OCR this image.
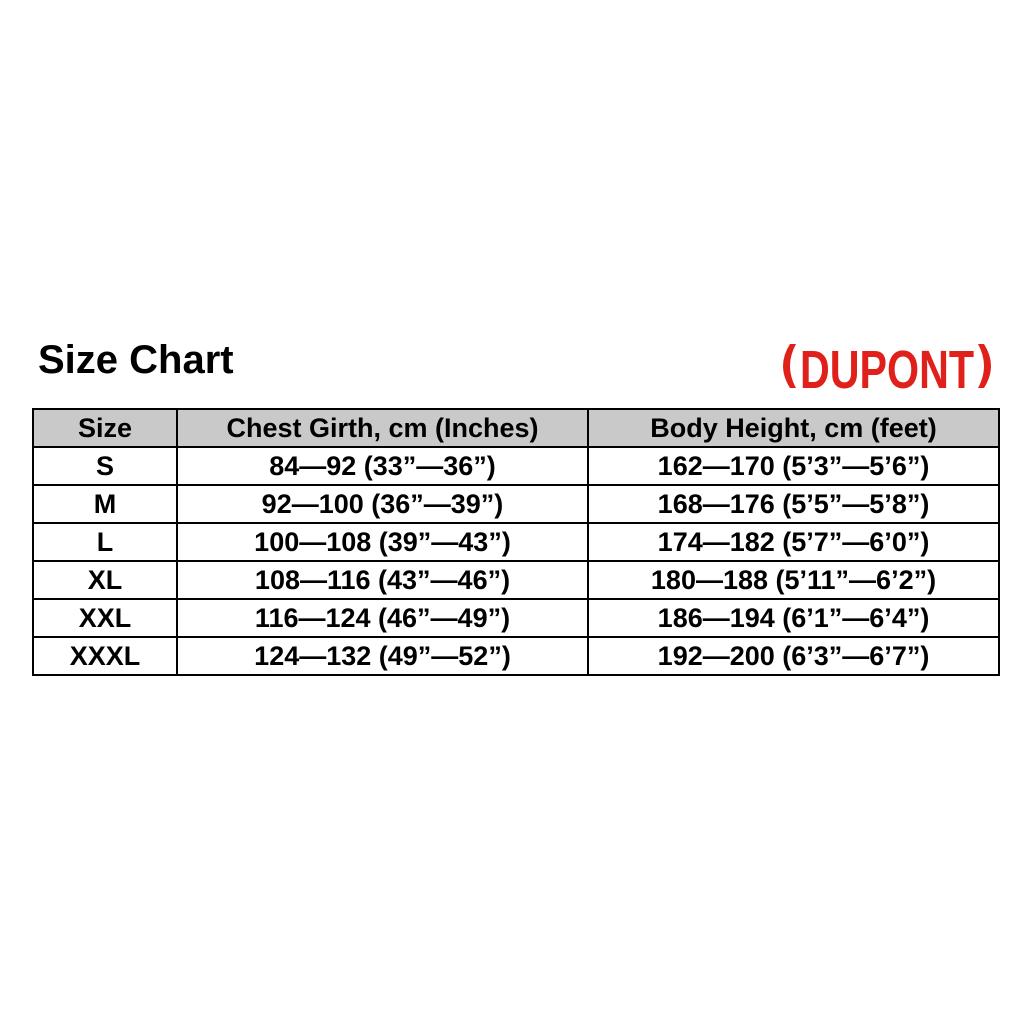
Size Chart	DUPONT
Size	Chest Girth, cm (Inches)	Body Height, cm (feet)
S	84—92 (33”—36”)	162—170 (5’3”—5’6”)
M	92—100 (36”—39”)	168—176 (5’5”—5’8”)
L	100—108 (39”—43”)	174—182 (5’7”—6’0”)
XL	108—116 (43”—46”)	180—188 (5’11”—6’2”)
XXL	116—124 (46”—49”)	186—194 (6’1”—6’4”)
XXXL	124—132 (49”—52”)	192—200 (6’3”—6’7”)
